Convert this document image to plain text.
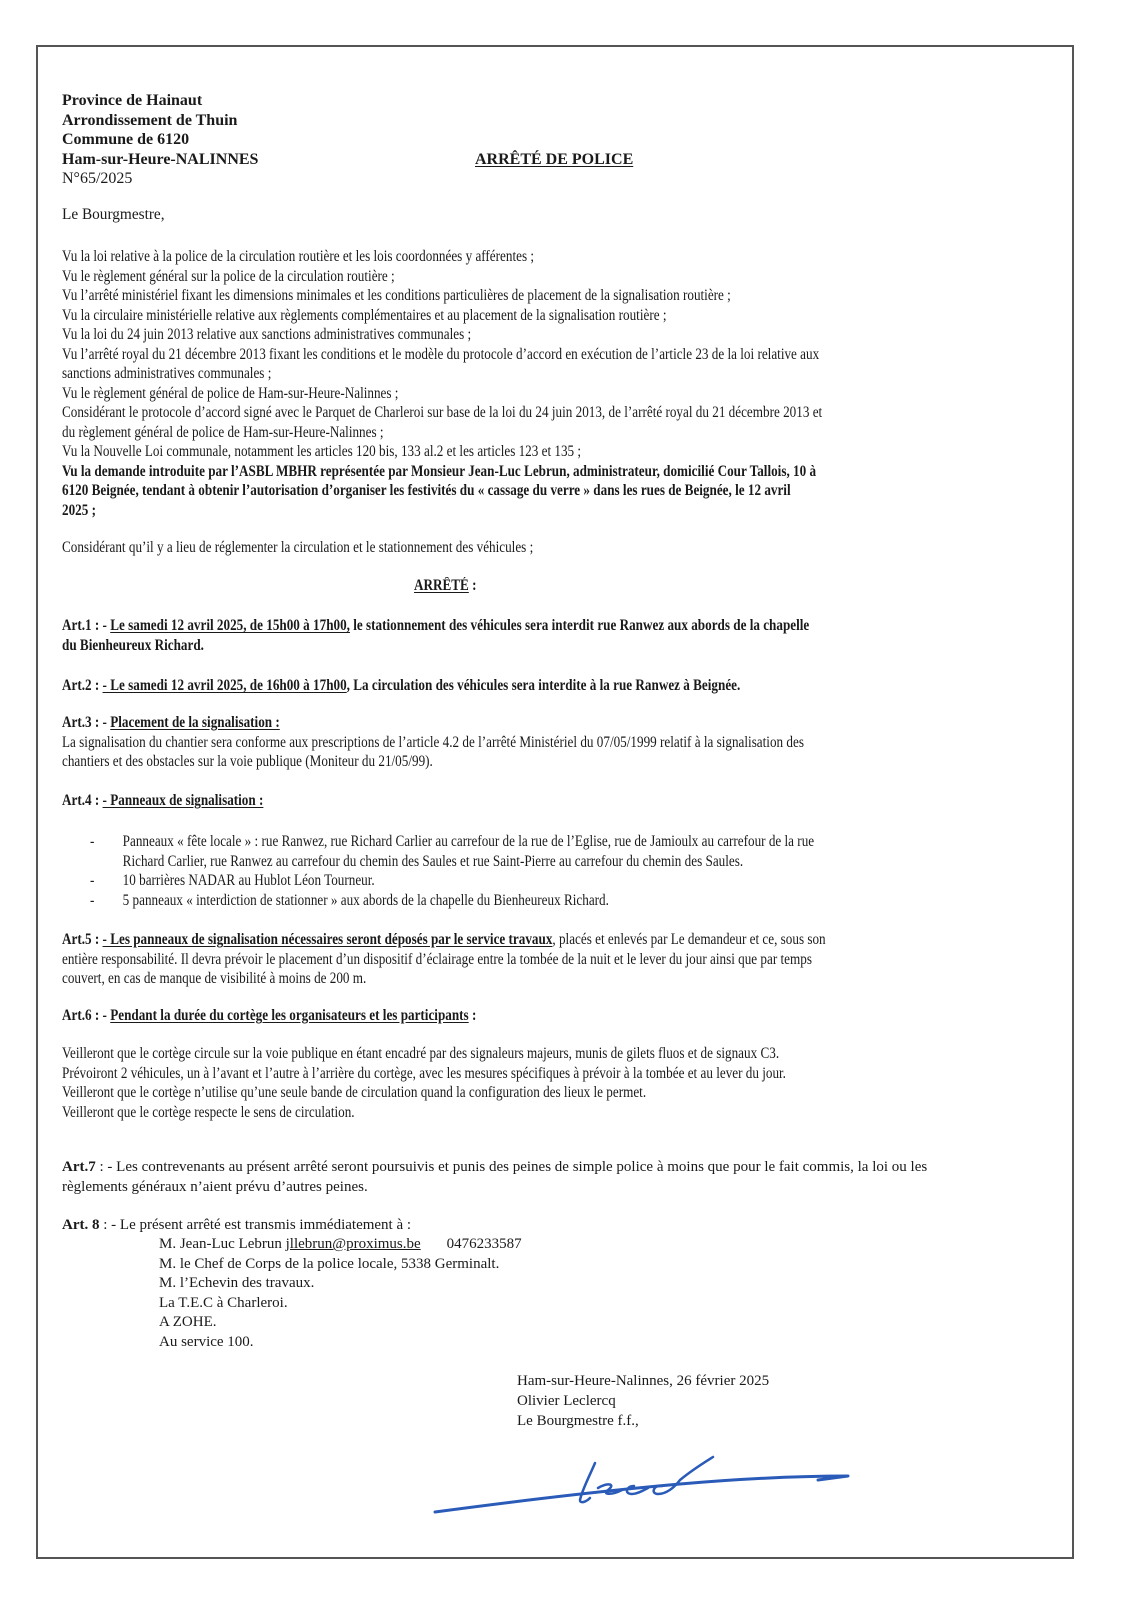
Province de Hainaut
Arrondissement de Thuin
Commune de 6120
Ham-sur-Heure-NALINNES
N°65/2025
ARRÊTÉ DE POLICE
Le Bourgmestre,
Vu la loi relative à la police de la circulation routière et les lois coordonnées y afférentes ;
Vu le règlement général sur la police de la circulation routière ;
Vu l’arrêté ministériel fixant les dimensions minimales et les conditions particulières de placement de la signalisation routière ;
Vu la circulaire ministérielle relative aux règlements complémentaires et au placement de la signalisation routière ;
Vu la loi du 24 juin 2013 relative aux sanctions administratives communales ;
Vu l’arrêté royal du 21 décembre 2013 fixant les conditions et le modèle du protocole d’accord en exécution de l’article 23 de la loi relative aux
sanctions administratives communales ;
Vu le règlement général de police de Ham-sur-Heure-Nalinnes ;
Considérant le protocole d’accord signé avec le Parquet de Charleroi sur base de la loi du 24 juin 2013, de l’arrêté royal du 21 décembre 2013 et
du règlement général de police de Ham-sur-Heure-Nalinnes ;
Vu la Nouvelle Loi communale, notamment les articles 120 bis, 133 al.2 et les articles 123 et 135 ;
Vu la demande introduite par l’ASBL MBHR représentée par Monsieur Jean-Luc Lebrun, administrateur, domicilié Cour Tallois, 10 à
6120 Beignée, tendant à obtenir l’autorisation d’organiser les festivités du « cassage du verre » dans les rues de Beignée, le 12 avril
2025 ;
Considérant qu’il y a lieu de réglementer la circulation et le stationnement des véhicules ;
ARRÊTÉ :
Art.1 : - Le samedi 12 avril 2025, de 15h00 à 17h00, le stationnement des véhicules sera interdit rue Ranwez aux abords de la chapelle
du Bienheureux Richard.
Art.2 : - Le samedi 12 avril 2025, de 16h00 à 17h00, La circulation des véhicules sera interdite à la rue Ranwez à Beignée.
Art.3 : - Placement de la signalisation :
La signalisation du chantier sera conforme aux prescriptions de l’article 4.2 de l’arrêté Ministériel du 07/05/1999 relatif à la signalisation des
chantiers et des obstacles sur la voie publique (Moniteur du 21/05/99).
Art.4 : - Panneaux de signalisation :
- Panneaux « fête locale » : rue Ranwez, rue Richard Carlier au carrefour de la rue de l’Eglise, rue de Jamioulx au carrefour de la rue
Richard Carlier, rue Ranwez au carrefour du chemin des Saules et rue Saint-Pierre au carrefour du chemin des Saules.
- 10 barrières NADAR au Hublot Léon Tourneur.
- 5 panneaux « interdiction de stationner » aux abords de la chapelle du Bienheureux Richard.
Art.5 : - Les panneaux de signalisation nécessaires seront déposés par le service travaux, placés et enlevés par Le demandeur et ce, sous son
entière responsabilité. Il devra prévoir le placement d’un dispositif d’éclairage entre la tombée de la nuit et le lever du jour ainsi que par temps
couvert, en cas de manque de visibilité à moins de 200 m.
Art.6 : - Pendant la durée du cortège les organisateurs et les participants :
Veilleront que le cortège circule sur la voie publique en étant encadré par des signaleurs majeurs, munis de gilets fluos et de signaux C3.
Prévoiront 2 véhicules, un à l’avant et l’autre à l’arrière du cortège, avec les mesures spécifiques à prévoir à la tombée et au lever du jour.
Veilleront que le cortège n’utilise qu’une seule bande de circulation quand la configuration des lieux le permet.
Veilleront que le cortège respecte le sens de circulation.
Art.7 : - Les contrevenants au présent arrêté seront poursuivis et punis des peines de simple police à moins que pour le fait commis, la loi ou les
règlements généraux n’aient prévu d’autres peines.
Art. 8 : - Le présent arrêté est transmis immédiatement à :
M. Jean-Luc Lebrun jllebrun@proximus.be 0476233587
M. le Chef de Corps de la police locale, 5338 Germinalt.
M. l’Echevin des travaux.
La T.E.C à Charleroi.
A ZOHE.
Au service 100.
Ham-sur-Heure-Nalinnes, 26 février 2025
Olivier Leclercq
Le Bourgmestre f.f.,
